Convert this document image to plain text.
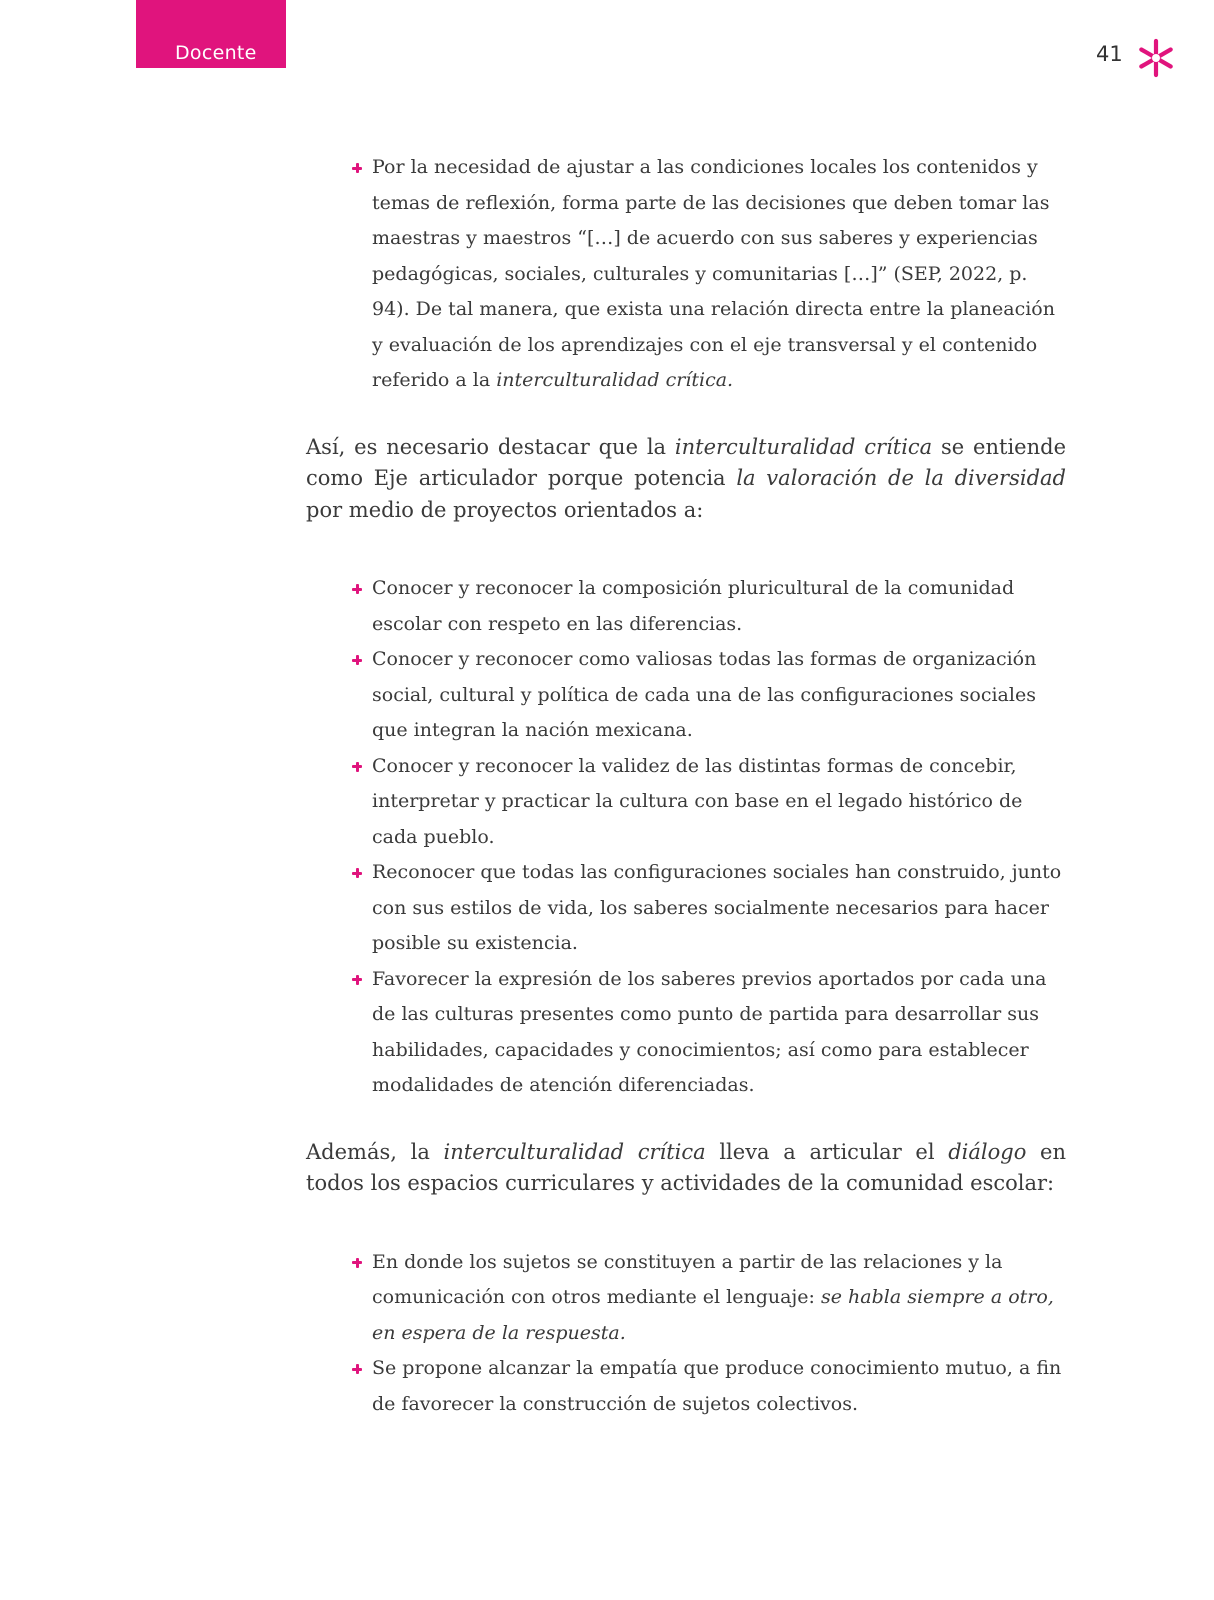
Docente	41
Por la necesidad de ajustar a las condiciones locales los contenidos y temas de reflexión, forma parte de las decisiones que deben tomar las maestras y maestros “[…] de acuerdo con sus saberes y experiencias pedagógicas, sociales, culturales y comunitarias […]” (SEP, 2022, p. 94). De tal manera, que exista una relación directa entre la planeación y evaluación de los aprendizajes con el eje transversal y el contenido referido a la interculturalidad crítica.

Así, es necesario destacar que la interculturalidad crítica se entiende como Eje articulador porque potencia la valoración de la diversidad por medio de proyectos orientados a:

Conocer y reconocer la composición pluricultural de la comunidad escolar con respeto en las diferencias.
Conocer y reconocer como valiosas todas las formas de organización social, cultural y política de cada una de las configuraciones sociales que integran la nación mexicana.
Conocer y reconocer la validez de las distintas formas de concebir, interpretar y practicar la cultura con base en el legado histórico de cada pueblo.
Reconocer que todas las configuraciones sociales han construido, junto con sus estilos de vida, los saberes socialmente necesarios para hacer posible su existencia.
Favorecer la expresión de los saberes previos aportados por cada una de las culturas presentes como punto de partida para desarrollar sus habilidades, capacidades y conocimientos; así como para establecer modalidades de atención diferenciadas.

Además, la interculturalidad crítica lleva a articular el diálogo en todos los espacios curriculares y actividades de la comunidad escolar:

En donde los sujetos se constituyen a partir de las relaciones y la comunicación con otros mediante el lenguaje: se habla siempre a otro, en espera de la respuesta.
Se propone alcanzar la empatía que produce conocimiento mutuo, a fin de favorecer la construcción de sujetos colectivos.
